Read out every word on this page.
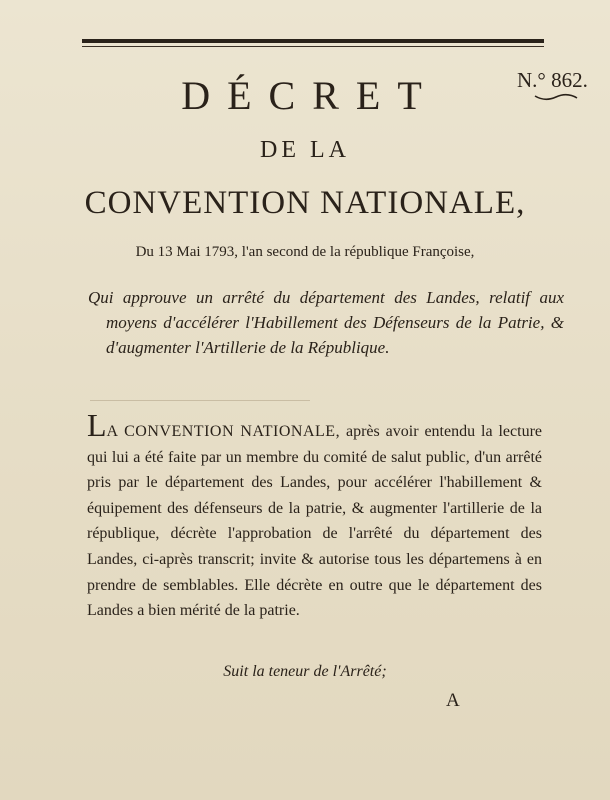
N.° 862.
DÉCRET
DE LA
CONVENTION NATIONALE,
Du 13 Mai 1793, l'an second de la république Françoise,
Qui approuve un arrêté du département des Landes, relatif aux moyens d'accélérer l'Habillement des Défenseurs de la Patrie, & d'augmenter l'Artillerie de la République.
LA CONVENTION NATIONALE, après avoir entendu la lecture qui lui a été faite par un membre du comité de salut public, d'un arrêté pris par le département des Landes, pour accélérer l'habillement & équipement des défenseurs de la patrie, & augmenter l'artillerie de la république, décrète l'approbation de l'arrêté du département des Landes, ci-après transcrit; invite & autorise tous les départemens à en prendre de semblables. Elle décrète en outre que le département des Landes a bien mérité de la patrie.
Suit la teneur de l'Arrêté;
A
